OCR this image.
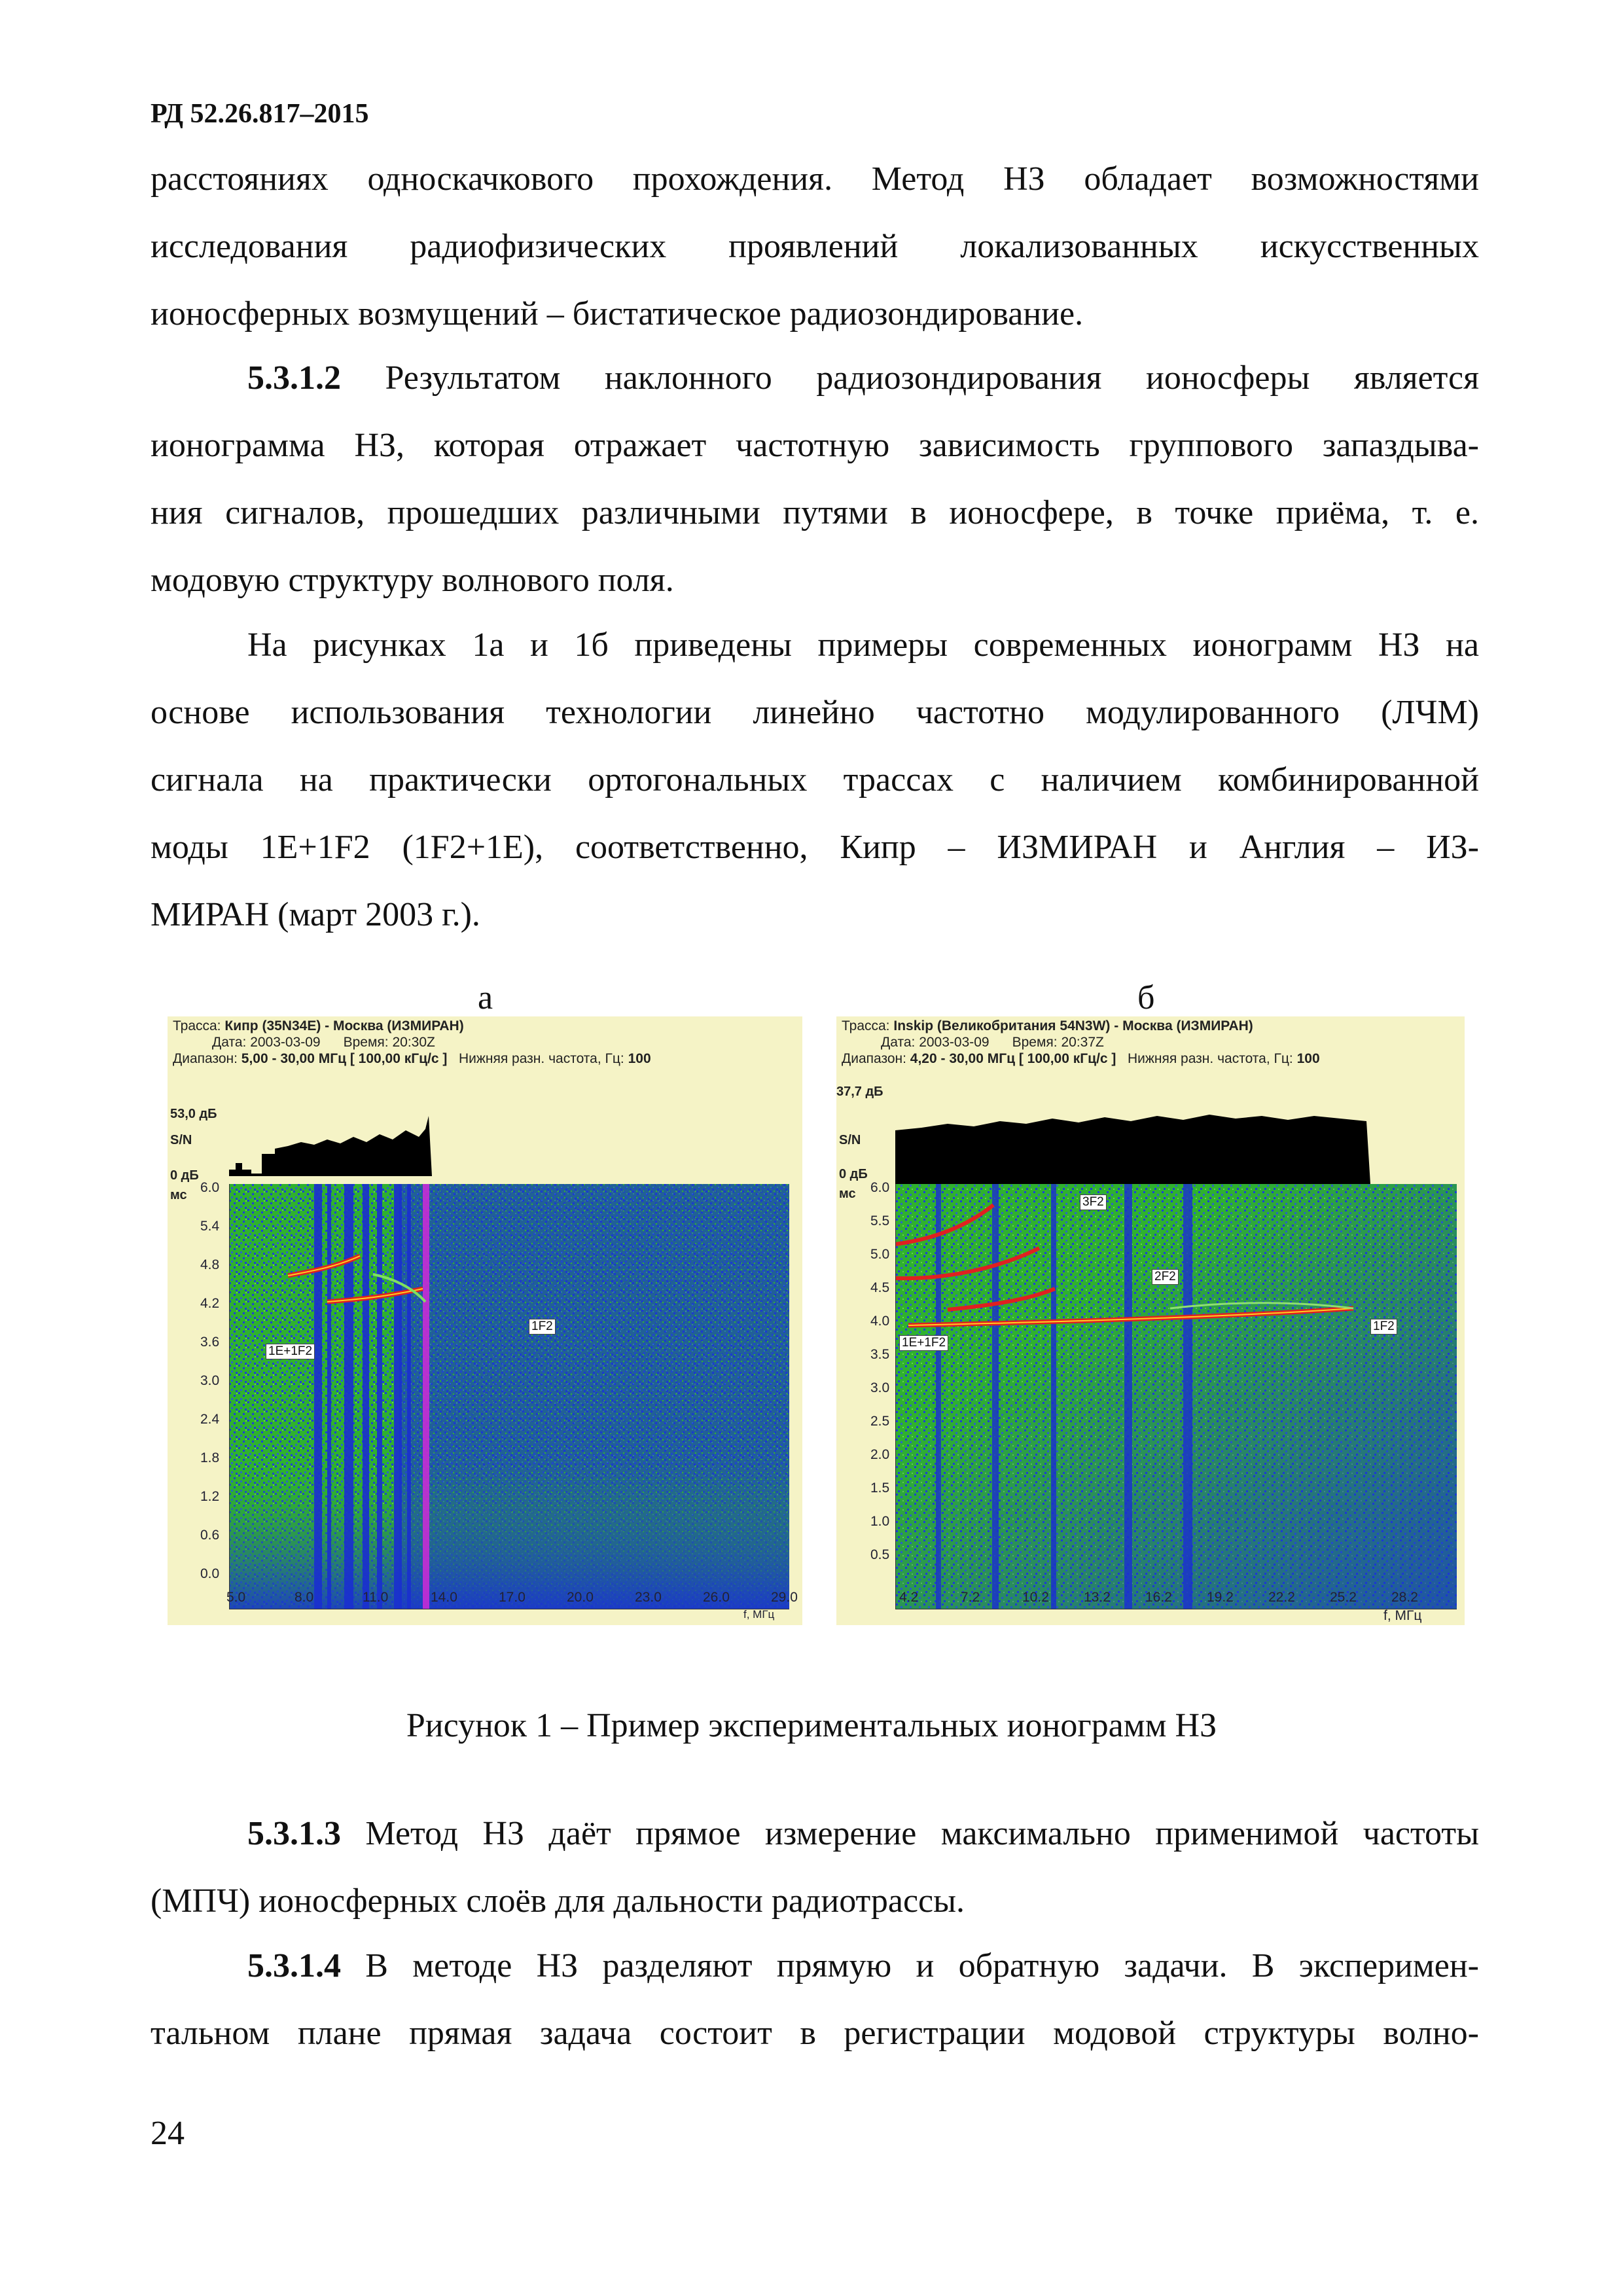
РД 52.26.817–2015
расстояниях односкачкового прохождения. Метод НЗ обладает возможностями
исследования радиофизических проявлений локализованных искусственных
ионосферных возмущений – бистатическое радиозондирование.
5.3.1.2 Результатом наклонного радиозондирования ионосферы является
ионограмма НЗ, которая отражает частотную зависимость группового запаздыва-
ния сигналов, прошедших различными путями в ионосфере, в точке приёма, т. е.
модовую структуру волнового поля.
На рисунках 1а и 1б приведены примеры современных ионограмм НЗ на
основе использования технологии линейно частотно модулированного (ЛЧМ)
сигнала на практически ортогональных трассах с наличием комбинированной
моды 1Е+1F2 (1F2+1E), соответственно, Кипр – ИЗМИРАН и Англия – ИЗ-
МИРАН (март 2003 г.).
а	б
Трасса: Кипр (35N34E) - Москва (ИЗМИРАН)
Дата: 2003-03-09 Время: 20:30Z
Диапазон: 5,00 - 30,00 МГц [ 100,00 кГц/с ] Нижняя разн. частота, Гц: 100
53,0 дБ
S/N
0 дБ
мс
1E+1F2
1F2
6.0
5.4
4.8
4.2
3.6
3.0
2.4
1.8
1.2
0.6
0.0
5.0	8.0	11.0	14.0	17.0	20.0	23.0	26.0	29.0
f, МГц
Трасса: Inskip (Великобритания 54N3W) - Москва (ИЗМИРАН)
Дата: 2003-03-09 Время: 20:37Z
Диапазон: 4,20 - 30,00 МГц [ 100,00 кГц/с ] Нижняя разн. частота, Гц: 100
37,7 дБ
S/N
0 дБ
мс
3F2
2F2
1E+1F2
1F2
6.0
5.5
5.0
4.5
4.0
3.5
3.0
2.5
2.0
1.5
1.0
0.5
4.2	7.2	10.2	13.2	16.2	19.2	22.2	25.2	28.2
f, МГц
Рисунок 1 – Пример экспериментальных ионограмм НЗ
5.3.1.3 Метод НЗ даёт прямое измерение максимально применимой частоты
(МПЧ) ионосферных слоёв для дальности радиотрассы.
5.3.1.4 В методе НЗ разделяют прямую и обратную задачи. В эксперимен-
тальном плане прямая задача состоит в регистрации модовой структуры волно-
24
